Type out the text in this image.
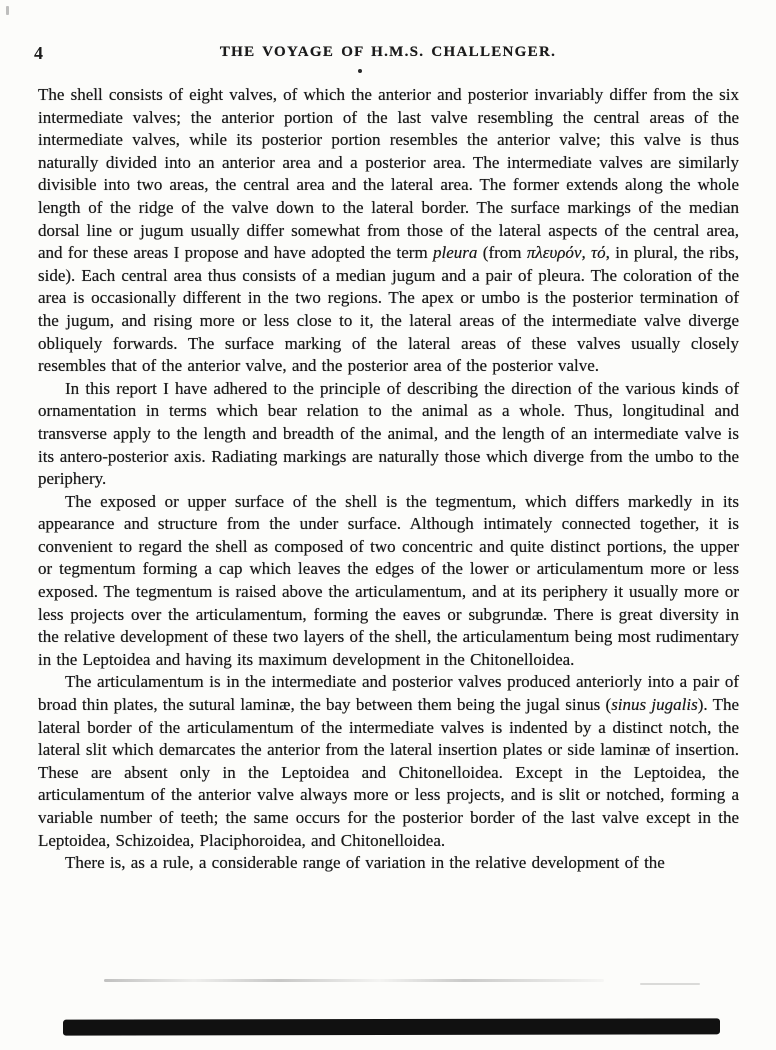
4	THE VOYAGE OF H.M.S. CHALLENGER.

The shell consists of eight valves, of which the anterior and posterior invariably differ from the six intermediate valves; the anterior portion of the last valve resembling the central areas of the intermediate valves, while its posterior portion resembles the anterior valve; this valve is thus naturally divided into an anterior area and a posterior area. The intermediate valves are similarly divisible into two areas, the central area and the lateral area. The former extends along the whole length of the ridge of the valve down to the lateral border. The surface markings of the median dorsal line or jugum usually differ somewhat from those of the lateral aspects of the central area, and for these areas I propose and have adopted the term pleura (from πλευρόν, τό, in plural, the ribs, side). Each central area thus consists of a median jugum and a pair of pleura. The coloration of the area is occasionally different in the two regions. The apex or umbo is the posterior termination of the jugum, and rising more or less close to it, the lateral areas of the intermediate valve diverge obliquely forwards. The surface marking of the lateral areas of these valves usually closely resembles that of the anterior valve, and the posterior area of the posterior valve.

In this report I have adhered to the principle of describing the direction of the various kinds of ornamentation in terms which bear relation to the animal as a whole. Thus, longitudinal and transverse apply to the length and breadth of the animal, and the length of an intermediate valve is its antero-posterior axis. Radiating markings are naturally those which diverge from the umbo to the periphery.

The exposed or upper surface of the shell is the tegmentum, which differs markedly in its appearance and structure from the under surface. Although intimately connected together, it is convenient to regard the shell as composed of two concentric and quite distinct portions, the upper or tegmentum forming a cap which leaves the edges of the lower or articulamentum more or less exposed. The tegmentum is raised above the articulamentum, and at its periphery it usually more or less projects over the articulamentum, forming the eaves or subgrundæ. There is great diversity in the relative development of these two layers of the shell, the articulamentum being most rudimentary in the Leptoidea and having its maximum development in the Chitonelloidea.

The articulamentum is in the intermediate and posterior valves produced anteriorly into a pair of broad thin plates, the sutural laminæ, the bay between them being the jugal sinus (sinus jugalis). The lateral border of the articulamentum of the intermediate valves is indented by a distinct notch, the lateral slit which demarcates the anterior from the lateral insertion plates or side laminæ of insertion. These are absent only in the Leptoidea and Chitonelloidea. Except in the Leptoidea, the articulamentum of the anterior valve always more or less projects, and is slit or notched, forming a variable number of teeth; the same occurs for the posterior border of the last valve except in the Leptoidea, Schizoidea, Placiphoroidea, and Chitonelloidea.

There is, as a rule, a considerable range of variation in the relative development of the
